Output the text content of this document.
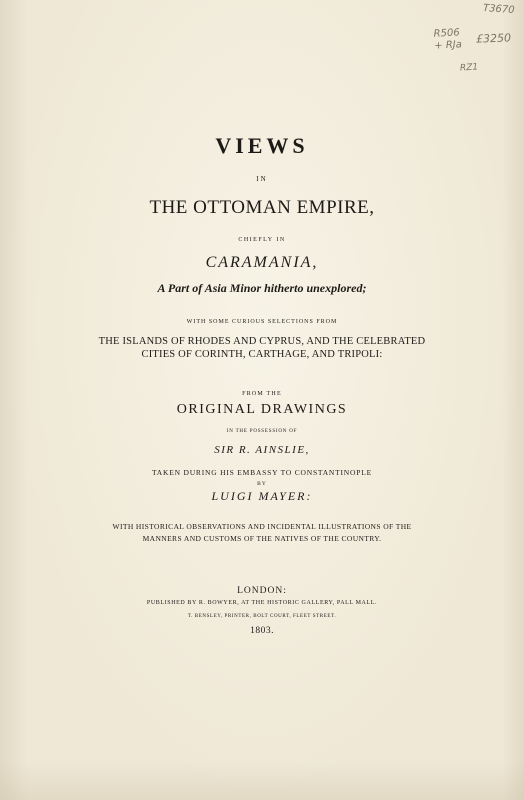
T3670
R506
+ RJa £3250
RZ1
VIEWS
IN
THE OTTOMAN EMPIRE,
CHIEFLY IN
CARAMANIA,
A Part of Asia Minor hitherto unexplored;
WITH SOME CURIOUS SELECTIONS FROM
THE ISLANDS OF RHODES AND CYPRUS, AND THE CELEBRATED
CITIES OF CORINTH, CARTHAGE, AND TRIPOLI:
FROM THE
ORIGINAL DRAWINGS
IN THE POSSESSION OF
SIR R. AINSLIE,
TAKEN DURING HIS EMBASSY TO CONSTANTINOPLE
BY
LUIGI MAYER:
WITH HISTORICAL OBSERVATIONS AND INCIDENTAL ILLUSTRATIONS OF THE
MANNERS AND CUSTOMS OF THE NATIVES OF THE COUNTRY.
LONDON:
PUBLISHED BY R. BOWYER, AT THE HISTORIC GALLERY, PALL MALL.
T. BENSLEY, PRINTER, BOLT COURT, FLEET STREET.
1803.
